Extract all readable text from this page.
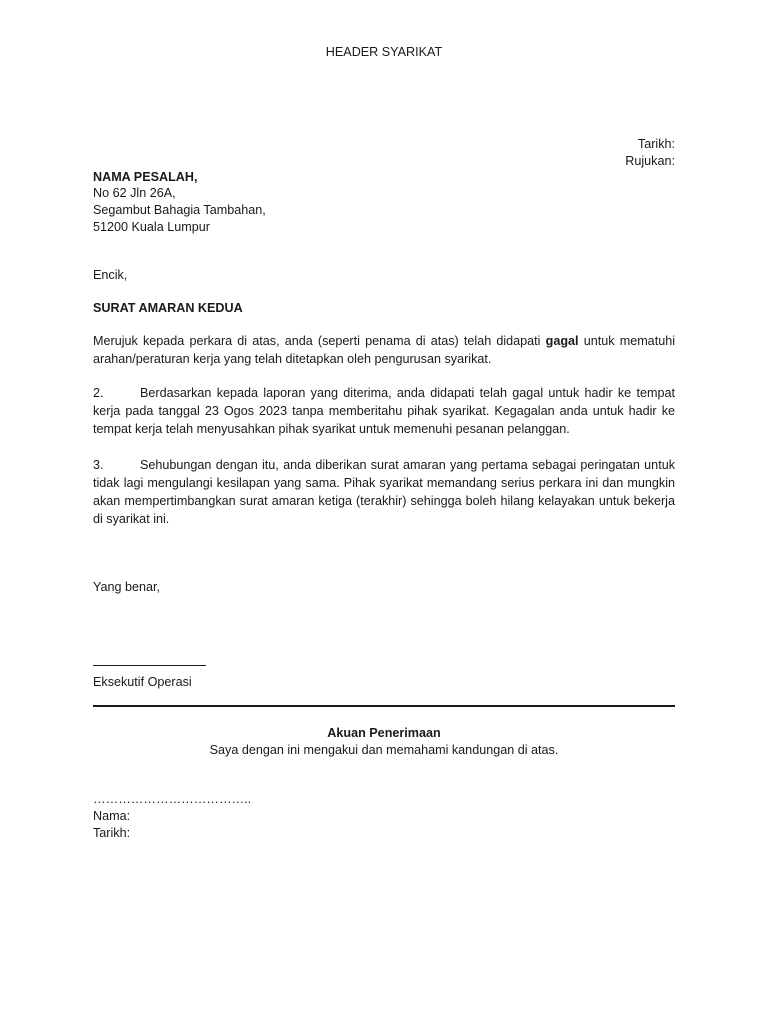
HEADER SYARIKAT
Tarikh:
Rujukan:
NAMA PESALAH,
No 62 Jln 26A,
Segambut Bahagia Tambahan,
51200 Kuala Lumpur
Encik,
SURAT AMARAN KEDUA
Merujuk kepada perkara di atas, anda (seperti penama di atas) telah didapati gagal untuk mematuhi arahan/peraturan kerja yang telah ditetapkan oleh pengurusan syarikat.
2.	Berdasarkan kepada laporan yang diterima, anda didapati telah gagal untuk hadir ke tempat kerja pada tanggal 23 Ogos 2023 tanpa memberitahu pihak syarikat. Kegagalan anda untuk hadir ke tempat kerja telah menyusahkan pihak syarikat untuk memenuhi pesanan pelanggan.
3.	Sehubungan dengan itu, anda diberikan surat amaran yang pertama sebagai peringatan untuk tidak lagi mengulangi kesilapan yang sama. Pihak syarikat memandang serius perkara ini dan mungkin akan mempertimbangkan surat amaran ketiga (terakhir) sehingga boleh hilang kelayakan untuk bekerja di syarikat ini.
Yang benar,
Eksekutif Operasi
Akuan Penerimaan
Saya dengan ini mengakui dan memahami kandungan di atas.
………………………………..
Nama:
Tarikh:
